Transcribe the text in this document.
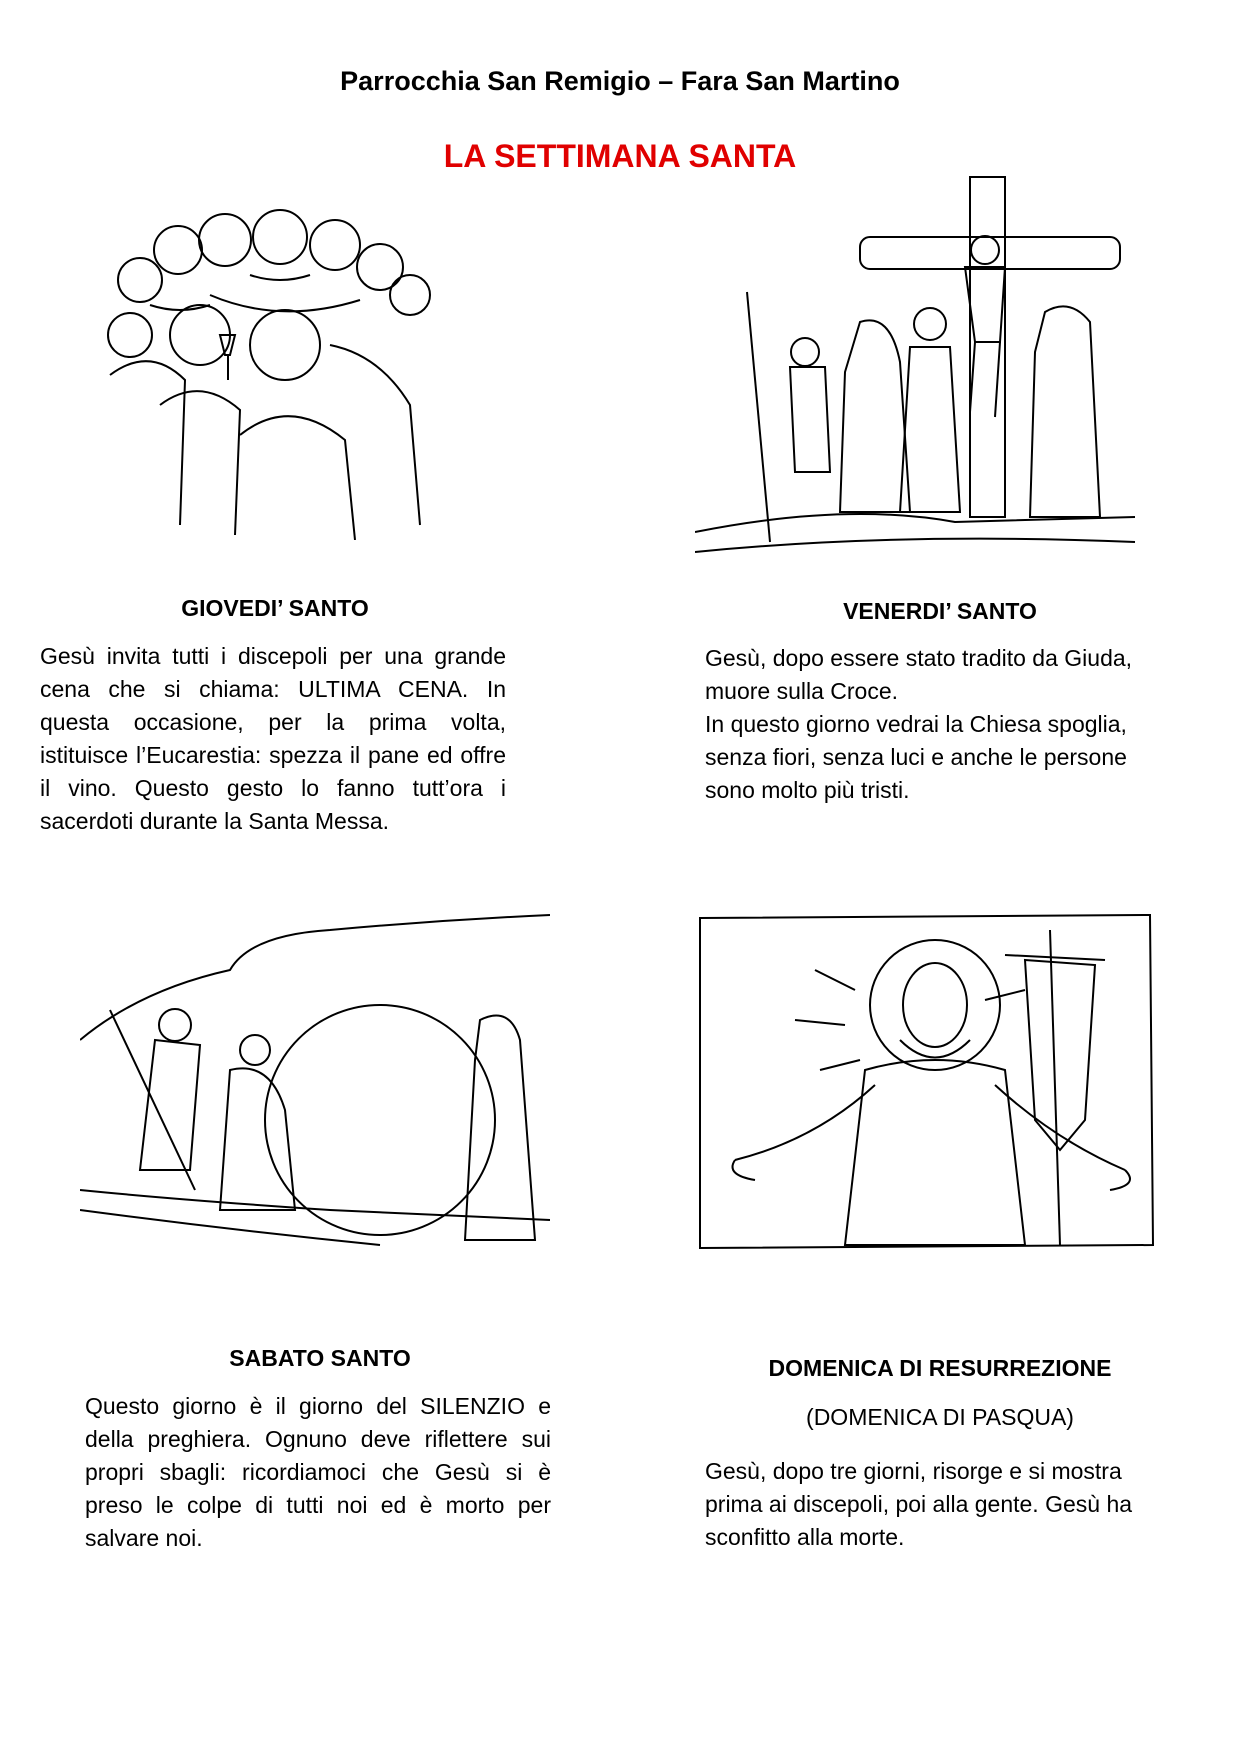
Parrocchia San Remigio – Fara San Martino
LA SETTIMANA SANTA
GIOVEDI’ SANTO
Gesù invita tutti i discepoli per una grande cena che si chiama: ULTIMA CENA. In questa occasione, per la prima volta, istituisce l’Eucarestia: spezza il pane ed offre il vino. Questo gesto lo fanno tutt’ora i sacerdoti durante la Santa Messa.
VENERDI’ SANTO
Gesù, dopo essere stato tradito da Giuda, muore sulla Croce.
In questo giorno vedrai la Chiesa spoglia, senza fiori, senza luci e anche le persone sono molto più tristi.
SABATO SANTO
Questo giorno è il giorno del SILENZIO e della preghiera. Ognuno deve riflettere sui propri sbagli: ricordiamoci che Gesù si è preso le colpe di tutti noi ed è morto per salvare noi.
DOMENICA DI RESURREZIONE
(DOMENICA DI PASQUA)
Gesù, dopo tre giorni, risorge e si mostra prima ai discepoli, poi alla gente. Gesù ha sconfitto alla morte.
